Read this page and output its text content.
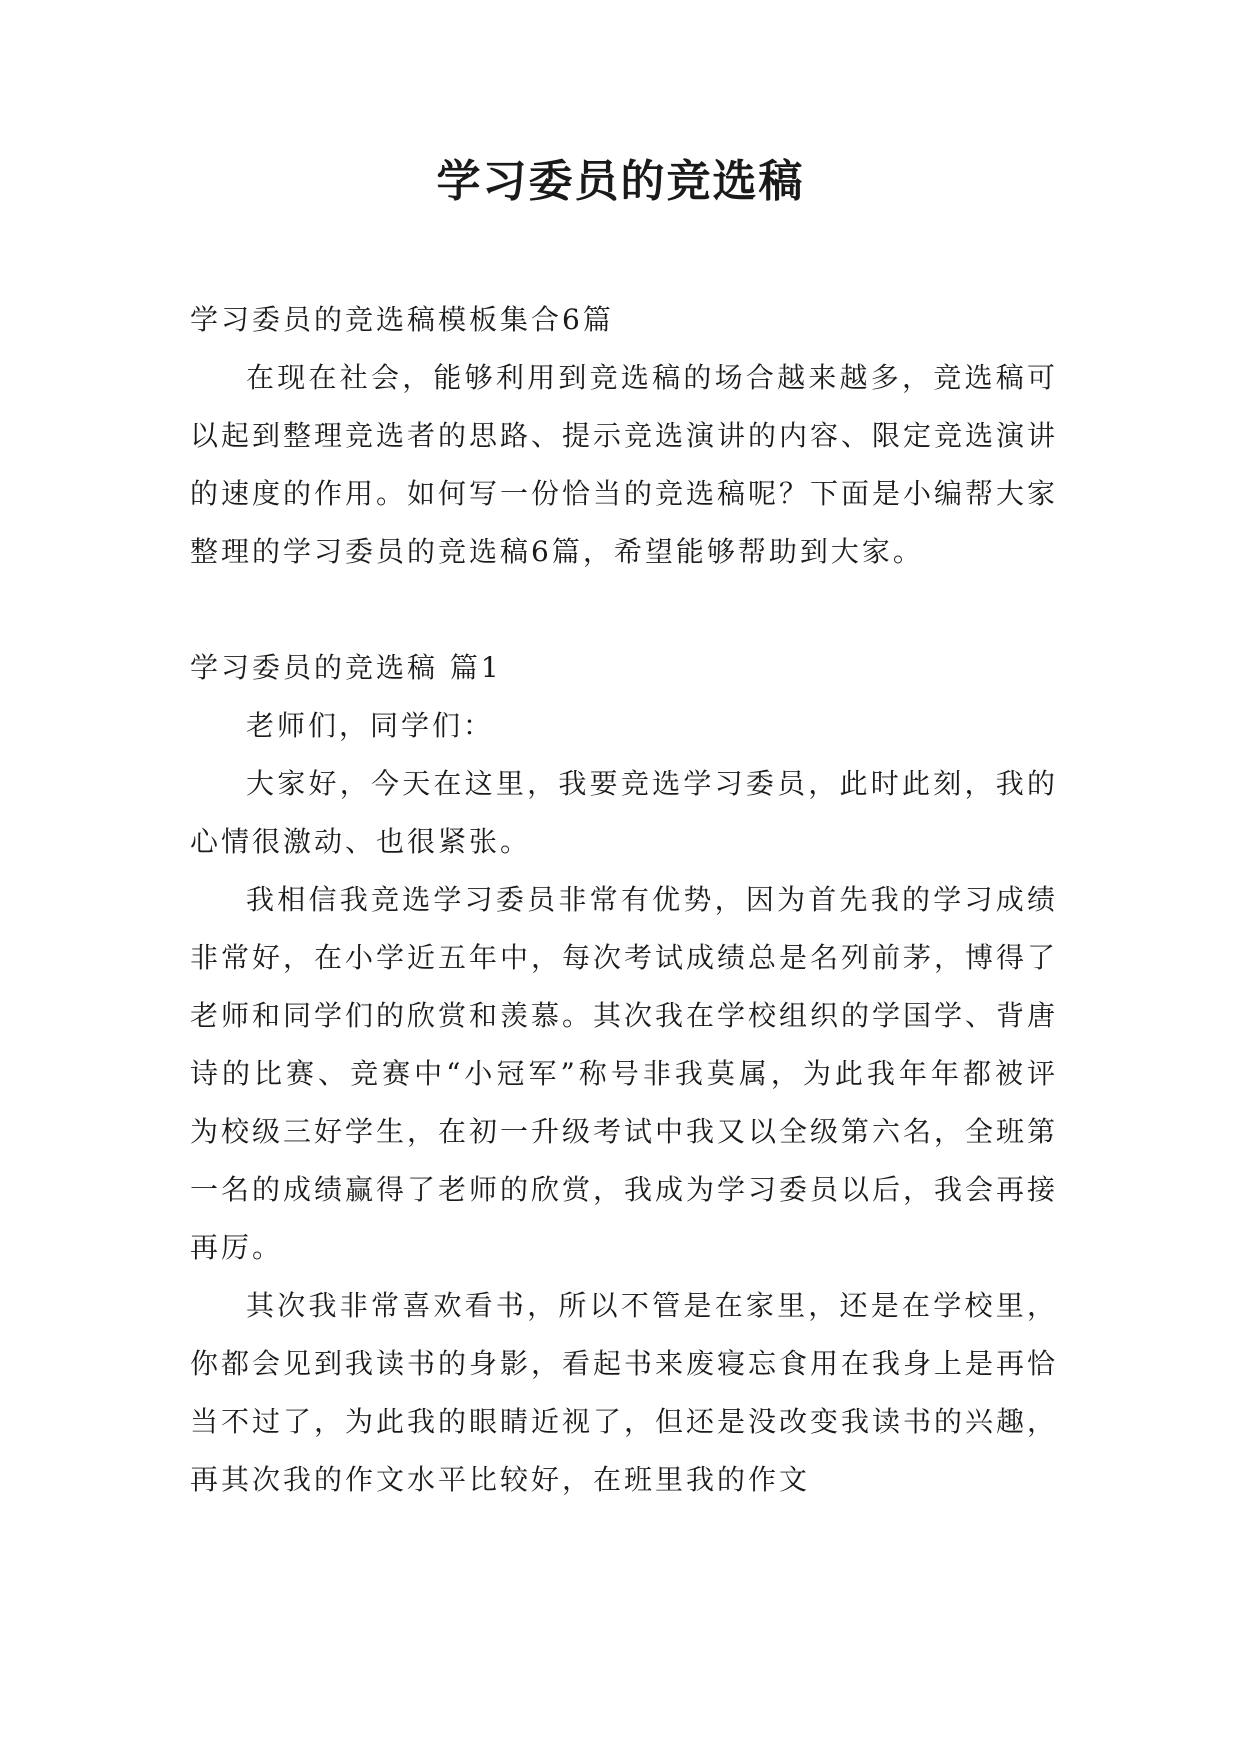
学习委员的竞选稿

学习委员的竞选稿模板集合6篇

在现在社会，能够利用到竞选稿的场合越来越多，竞选稿可以起到整理竞选者的思路、提示竞选演讲的内容、限定竞选演讲的速度的作用。如何写一份恰当的竞选稿呢？下面是小编帮大家整理的学习委员的竞选稿6篇，希望能够帮助到大家。

学习委员的竞选稿 篇1

老师们，同学们：

大家好，今天在这里，我要竞选学习委员，此时此刻，我的心情很激动、也很紧张。

我相信我竞选学习委员非常有优势，因为首先我的学习成绩非常好，在小学近五年中，每次考试成绩总是名列前茅，博得了老师和同学们的欣赏和羡慕。其次我在学校组织的学国学、背唐诗的比赛、竞赛中“小冠军”称号非我莫属，为此我年年都被评为校级三好学生，在初一升级考试中我又以全级第六名，全班第一名的成绩赢得了老师的欣赏，我成为学习委员以后，我会再接再厉。

其次我非常喜欢看书，所以不管是在家里，还是在学校里，你都会见到我读书的身影，看起书来废寝忘食用在我身上是再恰当不过了，为此我的眼睛近视了，但还是没改变我读书的兴趣，再其次我的作文水平比较好，在班里我的作文
